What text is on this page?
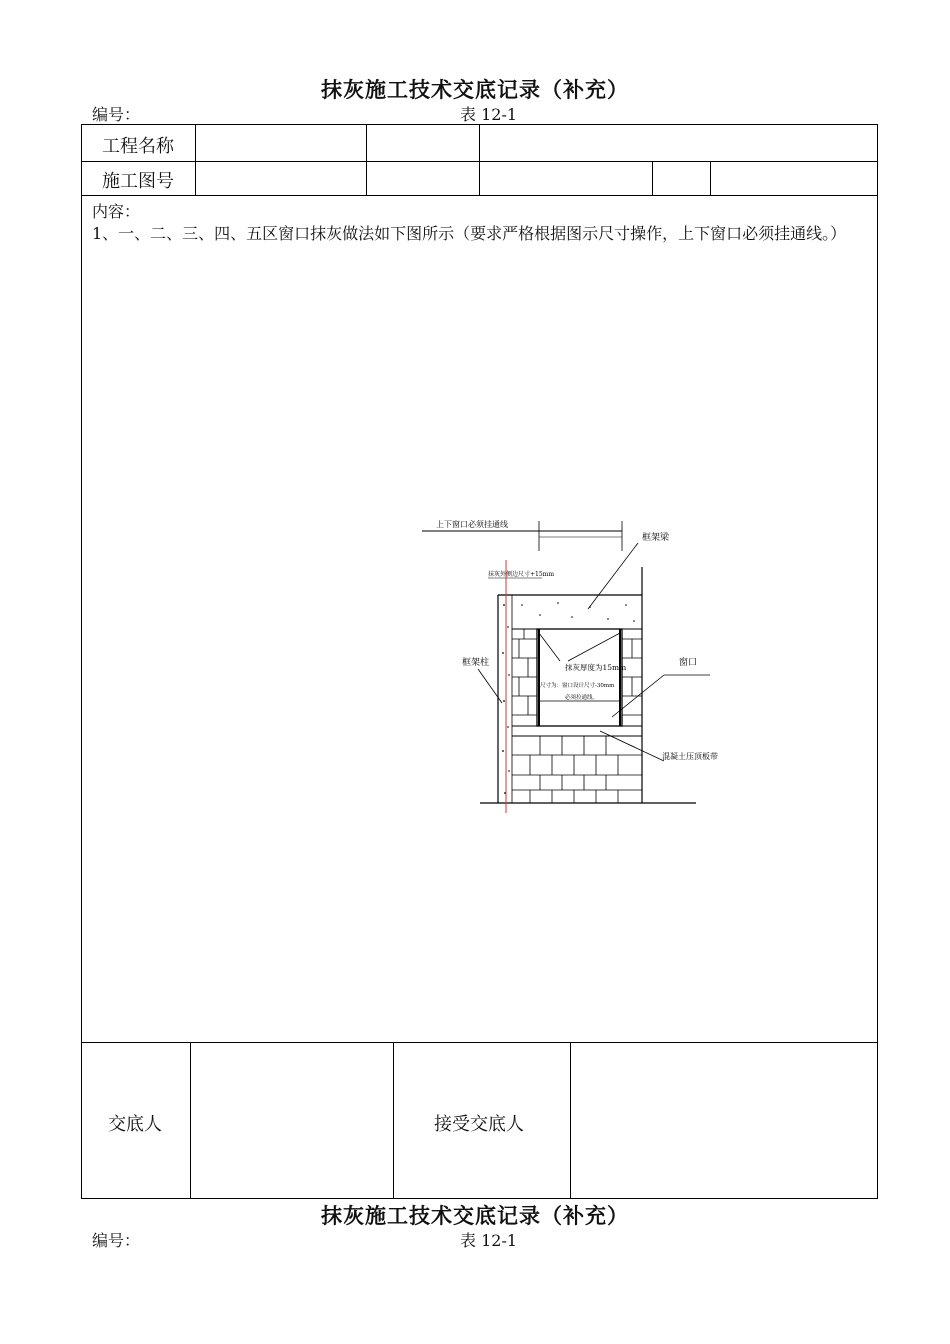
抹灰施工技术交底记录（补充）
编号：	表 12-1
工程名称
施工图号
内容：
1、一、二、三、四、五区窗口抹灰做法如下图所示（要求严格根据图示尺寸操作，上下窗口必须挂通线。）
交底人	接受交底人
上下窗口必须挂通线
框架梁
抹灰外侧边尺寸+15mm
抹灰厚度为15mm
尺寸为：窗口设计尺寸-30mm
必须拉通线。
框架柱	窗口
混凝土压顶板带
抹灰施工技术交底记录（补充）
编号：	表 12-1
